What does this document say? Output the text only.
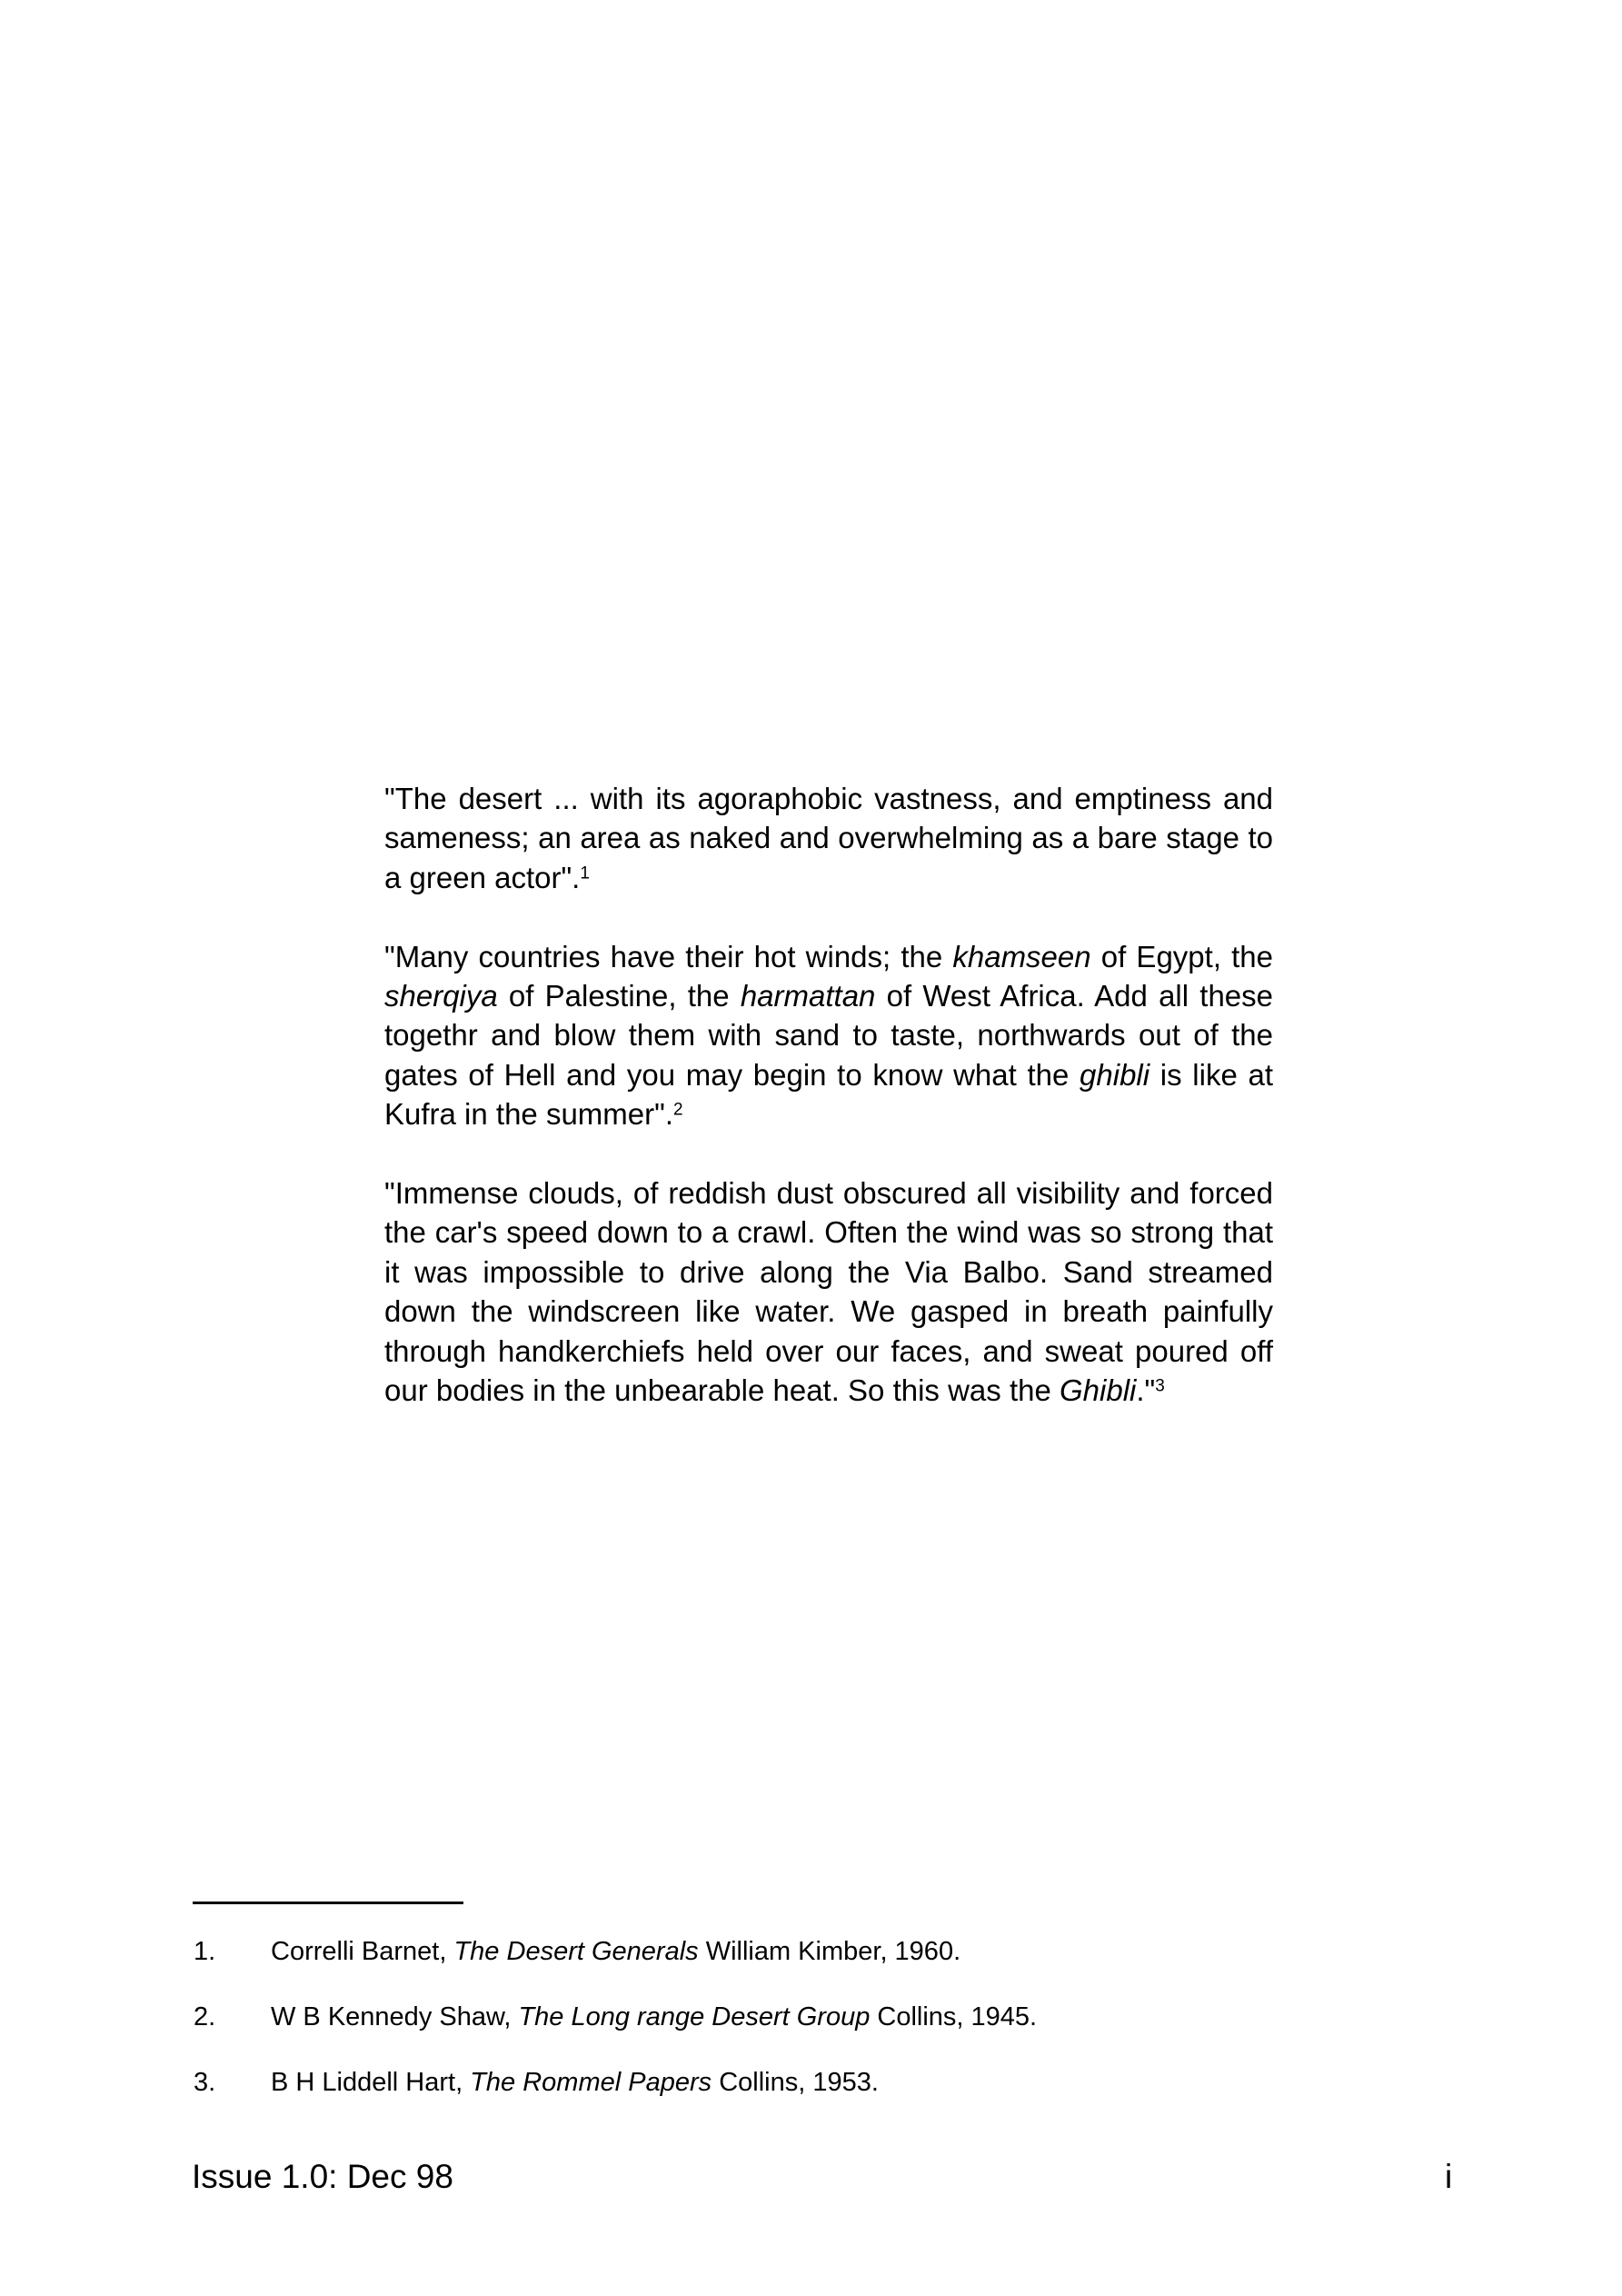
"The desert ... with its agoraphobic vastness, and emptiness and sameness; an area as naked and overwhelming as a bare stage to a green actor".$^1$

"Many countries have their hot winds; the khamseen of Egypt, the sherqiya of Palestine, the harmattan of West Africa. Add all these togethr and blow them with sand to taste, northwards out of the gates of Hell and you may begin to know what the ghibli is like at Kufra in the summer".$^2$

"Immense clouds, of reddish dust obscured all visibility and forced the car's speed down to a crawl. Often the wind was so strong that it was impossible to drive along the Via Balbo. Sand streamed down the windscreen like water. We gasped in breath painfully through handkerchiefs held over our faces, and sweat poured off our bodies in the unbearable heat. So this was the Ghibli."$^3$

1. Correlli Barnet, The Desert Generals William Kimber, 1960.
2. W B Kennedy Shaw, The Long range Desert Group Collins, 1945.
3. B H Liddell Hart, The Rommel Papers Collins, 1953.
Issue 1.0: Dec 98	i
